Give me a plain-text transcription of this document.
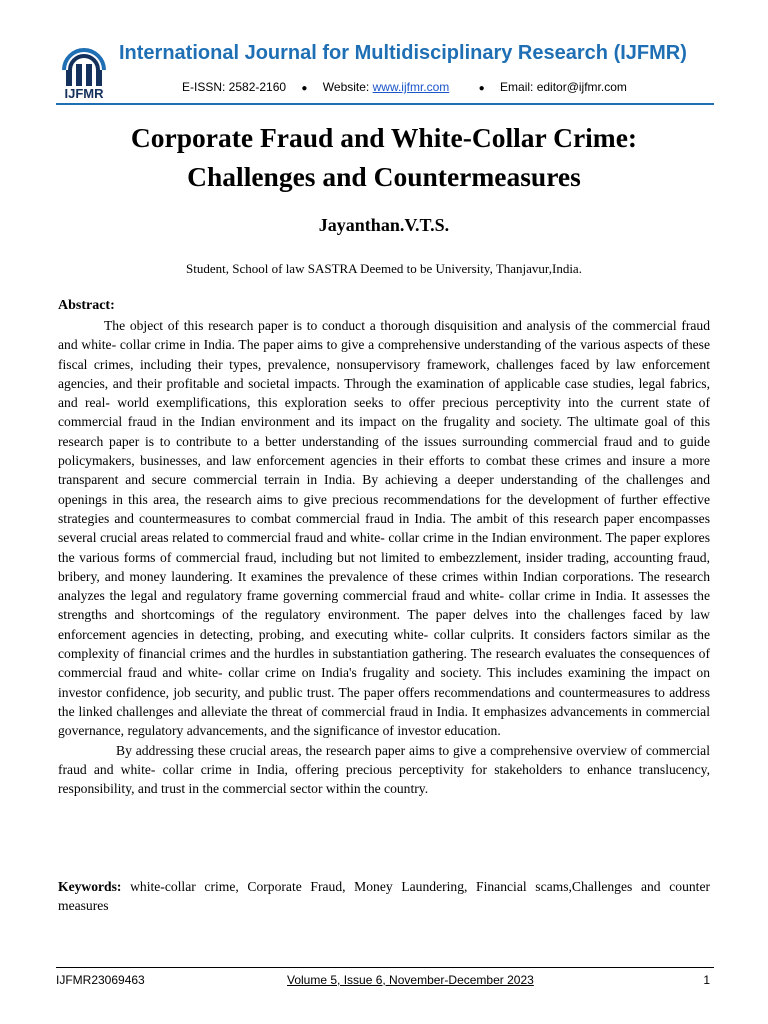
IJFMR
International Journal for Multidisciplinary Research (IJFMR)
E-ISSN: 2582-2160 ● Website: www.ijfmr.com	● Email: editor@ijfmr.com
Corporate Fraud and White-Collar Crime:
Challenges and Countermeasures
Jayanthan.V.T.S.
Student, School of law SASTRA Deemed to be University, Thanjavur,India.
Abstract:

The object of this research paper is to conduct a thorough disquisition and analysis of the commercial fraud and white- collar crime in India. The paper aims to give a comprehensive understanding of the various aspects of these fiscal crimes, including their types, prevalence, nonsupervisory framework, challenges faced by law enforcement agencies, and their profitable and societal impacts. Through the examination of applicable case studies, legal fabrics, and real- world exemplifications, this exploration seeks to offer precious perceptivity into the current state of commercial fraud in the Indian environment and its impact on the frugality and society. The ultimate goal of this research paper is to contribute to a better understanding of the issues surrounding commercial fraud and to guide policymakers, businesses, and law enforcement agencies in their efforts to combat these crimes and insure a more transparent and secure commercial terrain in India. By achieving a deeper understanding of the challenges and openings in this area, the research aims to give precious recommendations for the development of further effective strategies and countermeasures to combat commercial fraud in India. The ambit of this research paper encompasses several crucial areas related to commercial fraud and white- collar crime in the Indian environment. The paper explores the various forms of commercial fraud, including but not limited to embezzlement, insider trading, accounting fraud, bribery, and money laundering. It examines the prevalence of these crimes within Indian corporations. The research analyzes the legal and regulatory frame governing commercial fraud and white- collar crime in India. It assesses the strengths and shortcomings of the regulatory environment. The paper delves into the challenges faced by law enforcement agencies in detecting, probing, and executing white- collar culprits. It considers factors similar as the complexity of financial crimes and the hurdles in substantiation gathering. The research evaluates the consequences of commercial fraud and white- collar crime on India's frugality and society. This includes examining the impact on investor confidence, job security, and public trust. The paper offers recommendations and countermeasures to address the linked challenges and alleviate the threat of commercial fraud in India. It emphasizes advancements in commercial governance, regulatory advancements, and the significance of investor education.

By addressing these crucial areas, the research paper aims to give a comprehensive overview of commercial fraud and white- collar crime in India, offering precious perceptivity for stakeholders to enhance translucency, responsibility, and trust in the commercial sector within the country.

Keywords: white-collar crime, Corporate Fraud, Money Laundering, Financial scams,Challenges and counter measures
IJFMR23069463	Volume 5, Issue 6, November-December 2023	1
